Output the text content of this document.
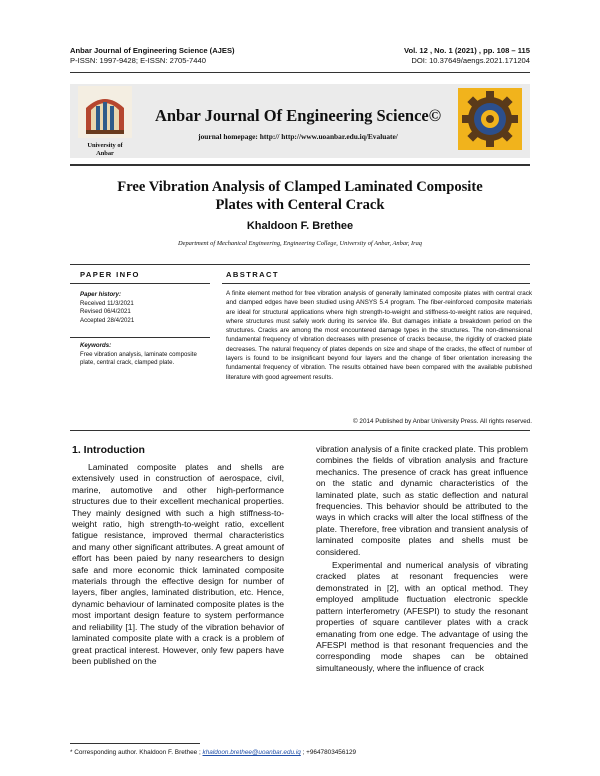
Anbar Journal of Engineering Science (AJES)
P-ISSN: 1997-9428; E-ISSN: 2705-7440
Vol. 12 , No. 1 (2021) , pp. 108 – 115
DOI: 10.37649/aengs.2021.171204
University of
Anbar
Anbar Journal Of Engineering Science©
journal homepage: http:// http://www.uoanbar.edu.iq/Evaluate/
Free Vibration Analysis of Clamped Laminated Composite
Plates with Centeral Crack
Khaldoon F. Brethee
Department of Mechanical Engineering, Engineering College, University of Anbar, Anbar, Iraq
PAPER INFO	ABSTRACT
Paper history:
Received 11/3/2021
Revised 06/4/2021
Accepted 28/4/2021
Keywords:
Free vibration analysis, laminate composite plate, central crack, clamped plate.
A finite element method for free vibration analysis of generally laminated composite plates with central crack and clamped edges have been studied using ANSYS 5.4 program. The fiber-reinforced composite materials are ideal for structural applications where high strength-to-weight and stiffness-to-weight ratios are required, where structures must safely work during its service life. But damages initiate a breakdown period on the structures. Cracks are among the most encountered damage types in the structures. The non-dimensional fundamental frequency of vibration decreases with presence of cracks because, the rigidity of cracked plate decreases. The natural frequency of plates depends on size and shape of the cracks, the effect of number of layers is found to be insignificant beyond four layers and the change of fiber orientation increasing the fundamental frequency of vibration. The results obtained have been compared with the available published literature with good agreement results.
© 2014 Published by Anbar University Press. All rights reserved.
1. Introduction

Laminated composite plates and shells are extensively used in construction of aerospace, civil, marine, automotive and other high-performance structures due to their excellent mechanical properties. They mainly designed with such a high stiffness-to-weight ratio, high strength-to-weight ratio, excellent fatigue resistance, improved thermal characteristics and many other significant attributes. A great amount of effort has been paied by nany researchers to design safe and more economic thick laminated composite materials through the effective design for number of layers, fiber angles, laminated distribution, etc. Hence, dynamic behaviour of laminated composite plates is the most important design feature to system performance and reliability [1]. The study of the vibration behavior of laminated composite plate with a crack is a problem of great practical interest. However, only few papers have been published on the

vibration analysis of a finite cracked plate. This problem combines the fields of vibration analysis and fracture mechanics. The presence of crack has great influence on the static and dynamic characteristics of the laminated plate, such as static deflection and natural frequencies. This behavior should be attributed to the ways in which cracks will alter the local stiffness of the plate. Therefore, free vibration and transient analysis of laminated composite plates and shells must be considered.

Experimental and numerical analysis of vibrating cracked plates at resonant frequencies were demonstrated in [2], with an optical method. They employed amplitude fluctuation electronic speckle pattern interferometry (AFESPI) to study the resonant properties of square cantilever plates with a crack emanating from one edge. The advantage of using the AFESPI method is that resonant frequencies and the corresponding mode shapes can be obtained simultaneously, where the influence of crack

* Corresponding author. Khaldoon F. Brethee ; khaldoon.brethee@uoanbar.edu.iq ; +9647803456129
